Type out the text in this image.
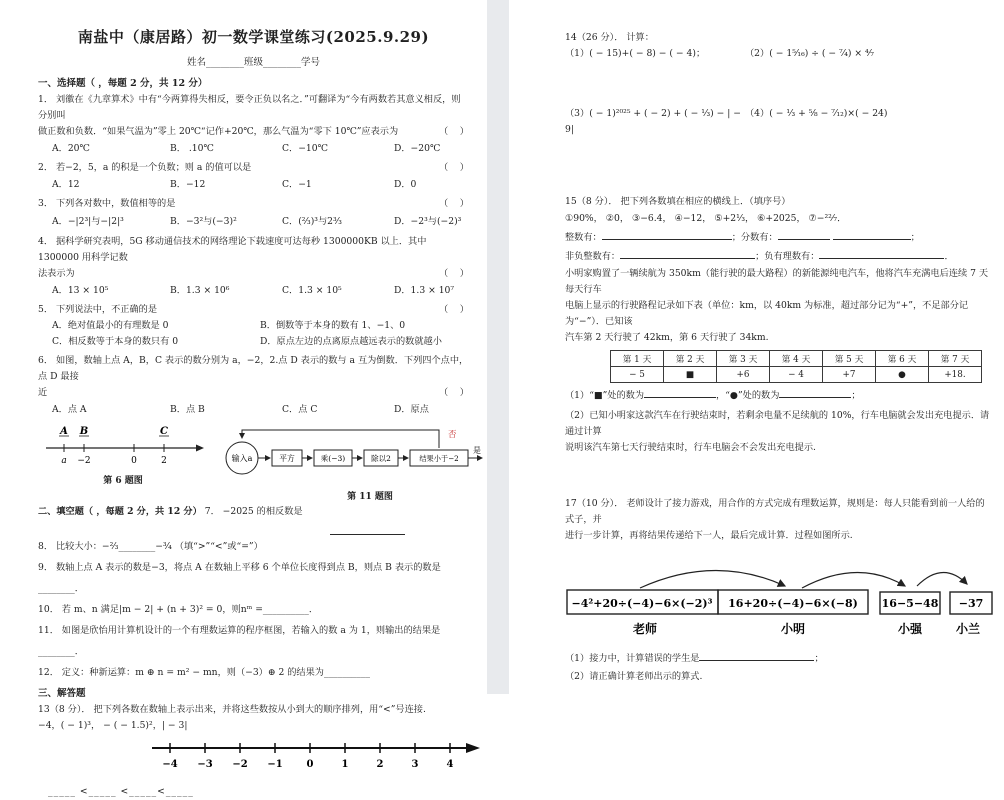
南盐中（康居路）初一数学课堂练习(2025.9.29)
姓名________班级________学号
一、选择题（ ，每题 2 分，共 12 分）
1． 刘徽在《九章算术》中有“今两算得失相反，要令正负以名之．”可翻译为“今有两数若其意义相反，则分别叫
做正数和负数．“如果气温为”零上 20℃“记作+20℃，那么气温为“零下 10℃”应表示为	（    ）
A．20℃	B． .10℃	C．−10℃	D．−20℃
2． 若−2，5，a 的积是一个负数；则 a 的值可以是	（    ）
A．12	B．−12	C．−1	D．0
3． 下列各对数中，数值相等的是	（    ）
A．−|2³|与−|2|³	B．−3²与(−3)²	C．(²⁄₃)³与2³⁄₃	D．−2³与(−2)³
4． 据科学研究表明，5G 移动通信技术的网络理论下载速度可达每秒 1300000KB 以上．其中 1300000 用科学记数
法表示为	（    ）
A．13 × 10⁵	B．1.3 × 10⁶	C．1.3 × 10⁵	D．1.3 × 10⁷
5． 下列说法中，不正确的是	（    ）
A．绝对值最小的有理数是 0	B．倒数等于本身的数有 1、−1、0
C．相反数等于本身的数只有 0	D．原点左边的点离原点越远表示的数就越小
6． 如图，数轴上点 A，B，C 表示的数分别为 a，−2，2.点 D 表示的数与 a 互为倒数．下列四个点中，点 D 最接
近	（    ）
A．点 A	B．点 B	C．点 C	D．原点
A B	C
a −2	0	2
第 6 题图
否
输入a	平方	乘(−3)	除以2	结果小于−2
是
第 11 题图
二、填空题（ ，每题 2 分，共 12 分） 7． −2025 的相反数是
8． 比较大小：−²⁄₃________−³⁄₄ （填“>”“<”或“=”）
9． 数轴上点 A 表示的数是−3，将点 A 在数轴上平移 6 个单位长度得到点 B，则点 B 表示的数是________．
10． 若 m、n 满足|m − 2| + (n + 3)² = 0，则nᵐ =__________．
11． 如图是欣怡用计算机设计的一个有理数运算的程序框图，若输入的数 a 为 1，则输出的结果是________．
12． 定义：种新运算：m ⊕ n = m² − mn，则（−3）⊕ 2 的结果为__________
三、解答题
13（8 分）． 把下列各数在数轴上表示出来，并将这些数按从小到大的顺序排列，用“<”号连接.
−4，( − 1)³， − ( − 1.5)²，| − 3|
−4 −3 −2 −1 0	1	2	3	4
_____ <_____ <_____<_____
14（26 分）． 计算：
（1）( − 15)+( − 8) − ( − 4)；	（2）( − 1⁵⁄₁₆) ÷ ( − ⁷⁄₄) × ⁴⁄₇
（3）( − 1)²⁰²⁵ + ( − 2) + ( − ¹⁄₃) − | − 9|
（4）( − ¹⁄₃ + ⁵⁄₈ − ⁷⁄₁₂)×( − 24)
15（8 分）． 把下列各数填在相应的横线上．（填序号）
①90%， ②0， ③−6.4， ④−12， ⑤+2¹⁄₃， ⑥+2025， ⑦−²²⁄₇．
整数有：	；分数有：	；
非负整数有：	；负有理数有：	．
小明家购置了一辆续航为 350km（能行驶的最大路程）的新能源纯电汽车，他将汽车充满电后连续 7 天每天行车
电脑上显示的行驶路程记录如下表（单位：km，以 40km 为标准，超过部分记为“+”，不足部分记为“−”）．已知该
汽车第 2 天行驶了 42km，第 6 天行驶了 34km.
第 1 天	第 2 天	第 3 天	第 4 天	第 5 天	第 6 天	第 7 天
− 5	■	+6	− 4	+7	●	+18.
（1）“■”处的数为	，“●”处的数为	；
（2）已知小明家这款汽车在行驶结束时，若剩余电量不足续航的 10%，行车电脑就会发出充电提示．请通过计算
说明该汽车第七天行驶结束时，行车电脑会不会发出充电提示.
17（10 分）． 老师设计了接力游戏，用合作的方式完成有理数运算，规则是：每人只能看到前一人给的式子，并
进行一步计算，再将结果传递给下一人，最后完成计算．过程如图所示.
−4²+20÷(−4)−6×(−2)³ 16+20÷(−4)−6×(−8) 16−5−48 −37
老师	小明	小强	小兰
（1）接力中，计算错误的学生是	；
（2）请正确计算老师出示的算式.
